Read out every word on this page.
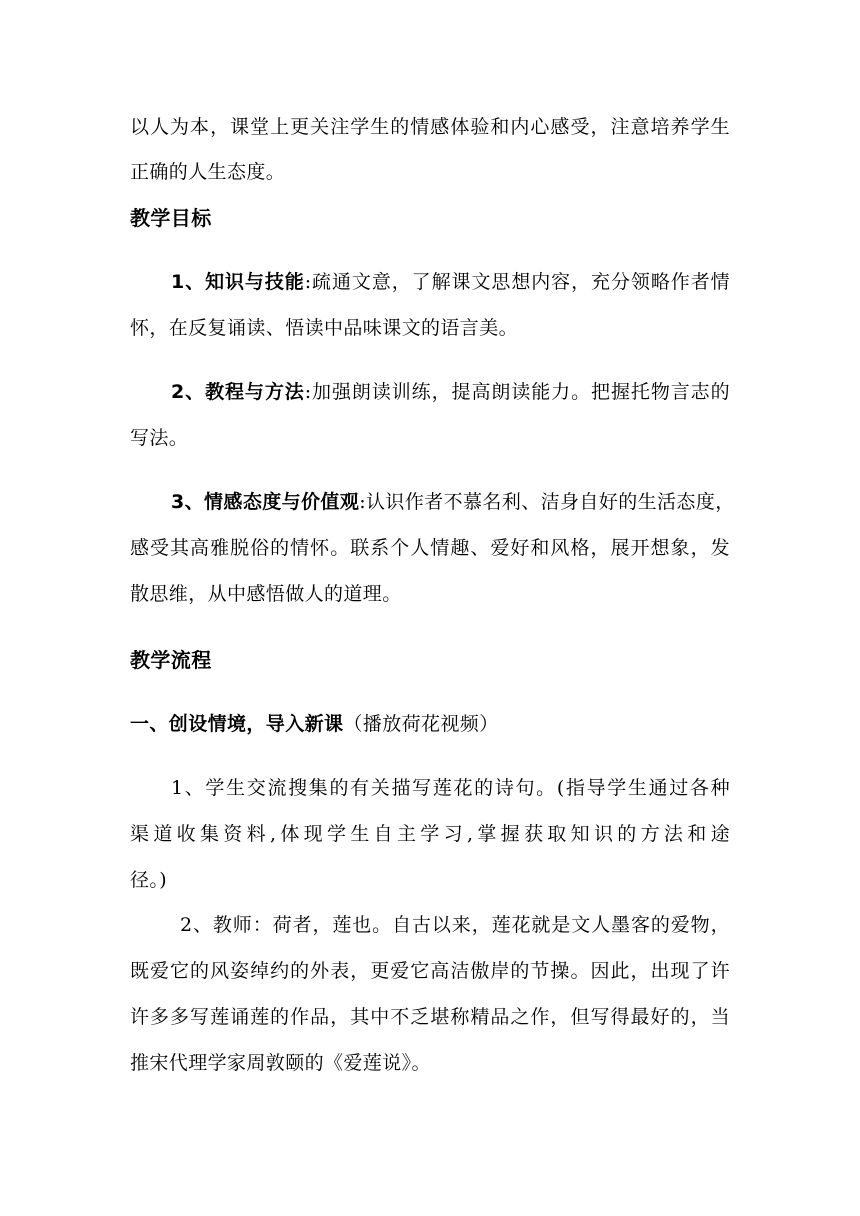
以人为本，课堂上更关注学生的情感体验和内心感受，注意培养学生
正确的人生态度。
教学目标
1、知识与技能:疏通文意，了解课文思想内容，充分领略作者情
怀，在反复诵读、悟读中品味课文的语言美。
2、教程与方法:加强朗读训练，提高朗读能力。把握托物言志的
写法。
3、情感态度与价值观:认识作者不慕名利、洁身自好的生活态度，
感受其高雅脱俗的情怀。联系个人情趣、爱好和风格，展开想象，发
散思维，从中感悟做人的道理。
教学流程
一、创设情境，导入新课（播放荷花视频）
1、学生交流搜集的有关描写莲花的诗句。(指导学生通过各种
渠道收集资料,体现学生自主学习,掌握获取知识的方法和途
径。)
2、教师：荷者，莲也。自古以来，莲花就是文人墨客的爱物，
既爱它的风姿绰约的外表，更爱它高洁傲岸的节操。因此，出现了许
许多多写莲诵莲的作品，其中不乏堪称精品之作，但写得最好的，当
推宋代理学家周敦颐的《爱莲说》。
